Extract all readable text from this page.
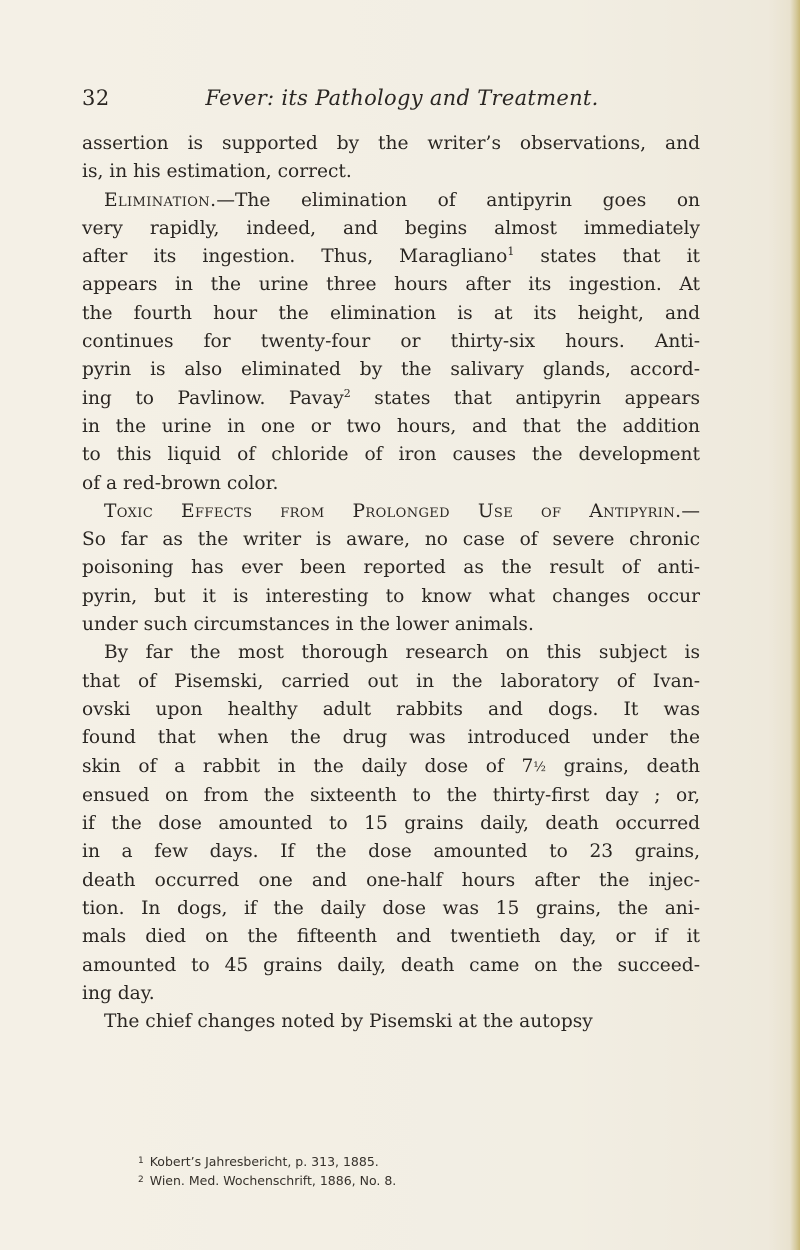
Fever: its Pathology and Treatment.
32
assertion is supported by the writer’s observations, and
is, in his estimation, correct.
Elimination.—The elimination of antipyrin goes on
very rapidly, indeed, and begins almost immediately
after its ingestion. Thus, Maragliano$^1$ states that it
appears in the urine three hours after its ingestion. At
the fourth hour the elimination is at its height, and
continues for twenty-four or thirty-six hours. Anti-
pyrin is also eliminated by the salivary glands, accord-
ing to Pavlinow. Pavay$^2$ states that antipyrin appears
in the urine in one or two hours, and that the addition
to this liquid of chloride of iron causes the development
of a red-brown color.
Toxic Effects from Prolonged Use of Antipyrin.—
So far as the writer is aware, no case of severe chronic
poisoning has ever been reported as the result of anti-
pyrin, but it is interesting to know what changes occur
under such circumstances in the lower animals.
By far the most thorough research on this subject is
that of Pisemski, carried out in the laboratory of Ivan-
ovski upon healthy adult rabbits and dogs. It was
found that when the drug was introduced under the
skin of a rabbit in the daily dose of 7½ grains, death
ensued on from the sixteenth to the thirty-first day ; or,
if the dose amounted to 15 grains daily, death occurred
in a few days. If the dose amounted to 23 grains,
death occurred one and one-half hours after the injec-
tion. In dogs, if the daily dose was 15 grains, the ani-
mals died on the fifteenth and twentieth day, or if it
amounted to 45 grains daily, death came on the succeed-
ing day.
The chief changes noted by Pisemski at the autopsy
$^1$ Kobert’s Jahresbericht, p. 313, 1885.
$^2$ Wien. Med. Wochenschrift, 1886, No. 8.
